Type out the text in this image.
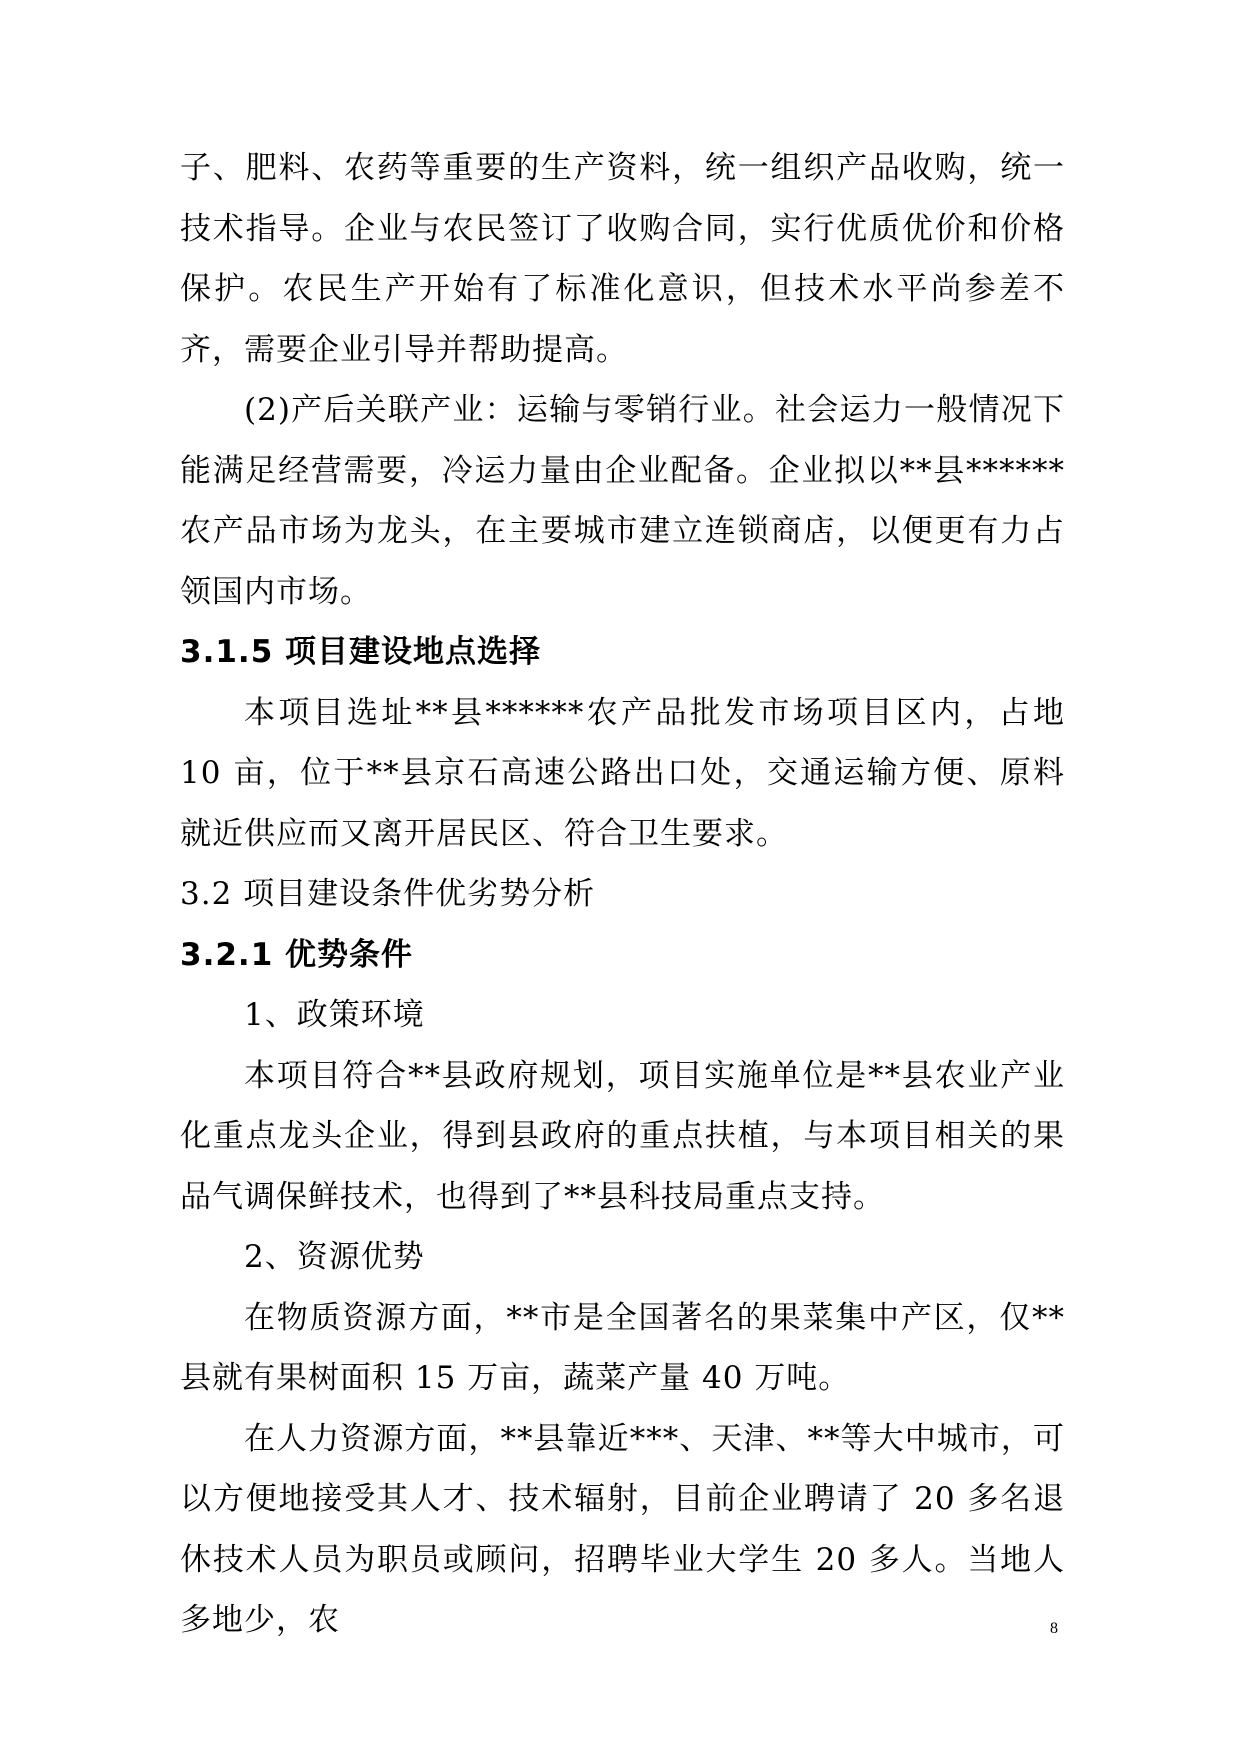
子、肥料、农药等重要的生产资料，统一组织产品收购，统一技术指导。企业与农民签订了收购合同，实行优质优价和价格保护。农民生产开始有了标准化意识，但技术水平尚参差不齐，需要企业引导并帮助提高。

(2)产后关联产业：运输与零销行业。社会运力一般情况下能满足经营需要，冷运力量由企业配备。企业拟以**县******农产品市场为龙头，在主要城市建立连锁商店，以便更有力占领国内市场。

3.1.5 项目建设地点选择

本项目选址**县******农产品批发市场项目区内，占地 10 亩，位于**县京石高速公路出口处，交通运输方便、原料就近供应而又离开居民区、符合卫生要求。

3.2 项目建设条件优劣势分析

3.2.1 优势条件

1、政策环境

本项目符合**县政府规划，项目实施单位是**县农业产业化重点龙头企业，得到县政府的重点扶植，与本项目相关的果品气调保鲜技术，也得到了**县科技局重点支持。

2、资源优势

在物质资源方面，**市是全国著名的果菜集中产区，仅**县就有果树面积 15 万亩，蔬菜产量 40 万吨。

在人力资源方面，**县靠近***、天津、**等大中城市，可以方便地接受其人才、技术辐射，目前企业聘请了 20 多名退休技术人员为职员或顾问，招聘毕业大学生 20 多人。当地人多地少，农	8
